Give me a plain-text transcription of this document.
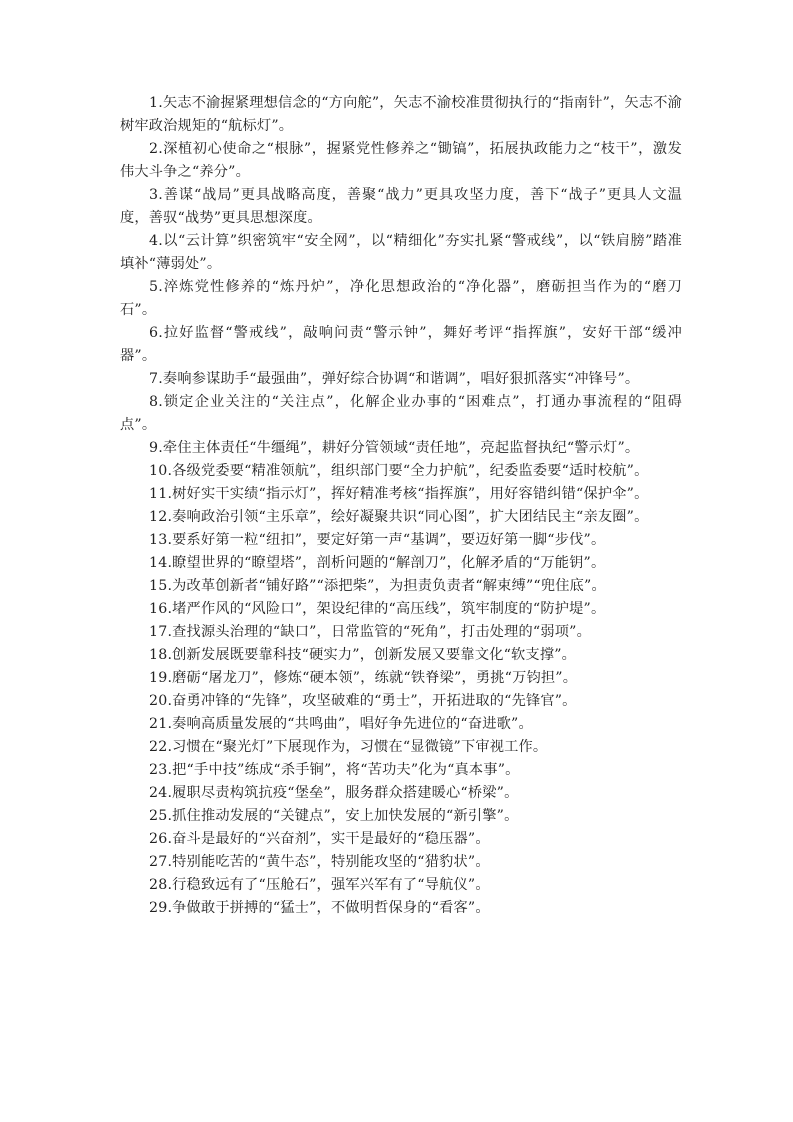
1.矢志不渝握紧理想信念的“方向舵”，矢志不渝校准贯彻执行的“指南针”，矢志不渝树牢政治规矩的“航标灯”。

2.深植初心使命之“根脉”，握紧党性修养之“锄镐”，拓展执政能力之“枝干”，激发伟大斗争之“养分”。

3.善谋“战局”更具战略高度，善聚“战力”更具攻坚力度，善下“战子”更具人文温度，善驭“战势”更具思想深度。

4.以“云计算”织密筑牢“安全网”，以“精细化”夯实扎紧“警戒线”，以“铁肩膀”踏准填补“薄弱处”。

5.淬炼党性修养的“炼丹炉”，净化思想政治的“净化器”，磨砺担当作为的“磨刀石”。

6.拉好监督“警戒线”，敲响问责“警示钟”，舞好考评“指挥旗”，安好干部“缓冲器”。

7.奏响参谋助手“最强曲”，弹好综合协调“和谐调”，唱好狠抓落实“冲锋号”。

8.锁定企业关注的“关注点”，化解企业办事的“困难点”，打通办事流程的“阻碍点”。

9.牵住主体责任“牛缰绳”，耕好分管领域“责任地”，亮起监督执纪“警示灯”。

10.各级党委要“精准领航”，组织部门要“全力护航”，纪委监委要“适时校航”。

11.树好实干实绩“指示灯”，挥好精准考核“指挥旗”，用好容错纠错“保护伞”。

12.奏响政治引领“主乐章”，绘好凝聚共识“同心图”，扩大团结民主“亲友圈”。

13.要系好第一粒“纽扣”，要定好第一声“基调”，要迈好第一脚“步伐”。

14.瞭望世界的“瞭望塔”，剖析问题的“解剖刀”，化解矛盾的“万能钥”。

15.为改革创新者“铺好路”“添把柴”，为担责负责者“解束缚”“兜住底”。

16.堵严作风的“风险口”，架设纪律的“高压线”，筑牢制度的“防护堤”。

17.查找源头治理的“缺口”，日常监管的“死角”，打击处理的“弱项”。

18.创新发展既要靠科技“硬实力”，创新发展又要靠文化“软支撑”。

19.磨砺“屠龙刀”，修炼“硬本领”，练就“铁脊梁”，勇挑“万钧担”。

20.奋勇冲锋的“先锋”，攻坚破难的“勇士”，开拓进取的“先锋官”。

21.奏响高质量发展的“共鸣曲”，唱好争先进位的“奋进歌”。

22.习惯在“聚光灯”下展现作为，习惯在“显微镜”下审视工作。

23.把“手中技”练成“杀手锏”，将“苦功夫”化为“真本事”。

24.履职尽责构筑抗疫“堡垒”，服务群众搭建暖心“桥梁”。

25.抓住推动发展的“关键点”，安上加快发展的“新引擎”。

26.奋斗是最好的“兴奋剂”，实干是最好的“稳压器”。

27.特别能吃苦的“黄牛态”，特别能攻坚的“猎豹状”。

28.行稳致远有了“压舱石”，强军兴军有了“导航仪”。

29.争做敢于拼搏的“猛士”，不做明哲保身的“看客”。
